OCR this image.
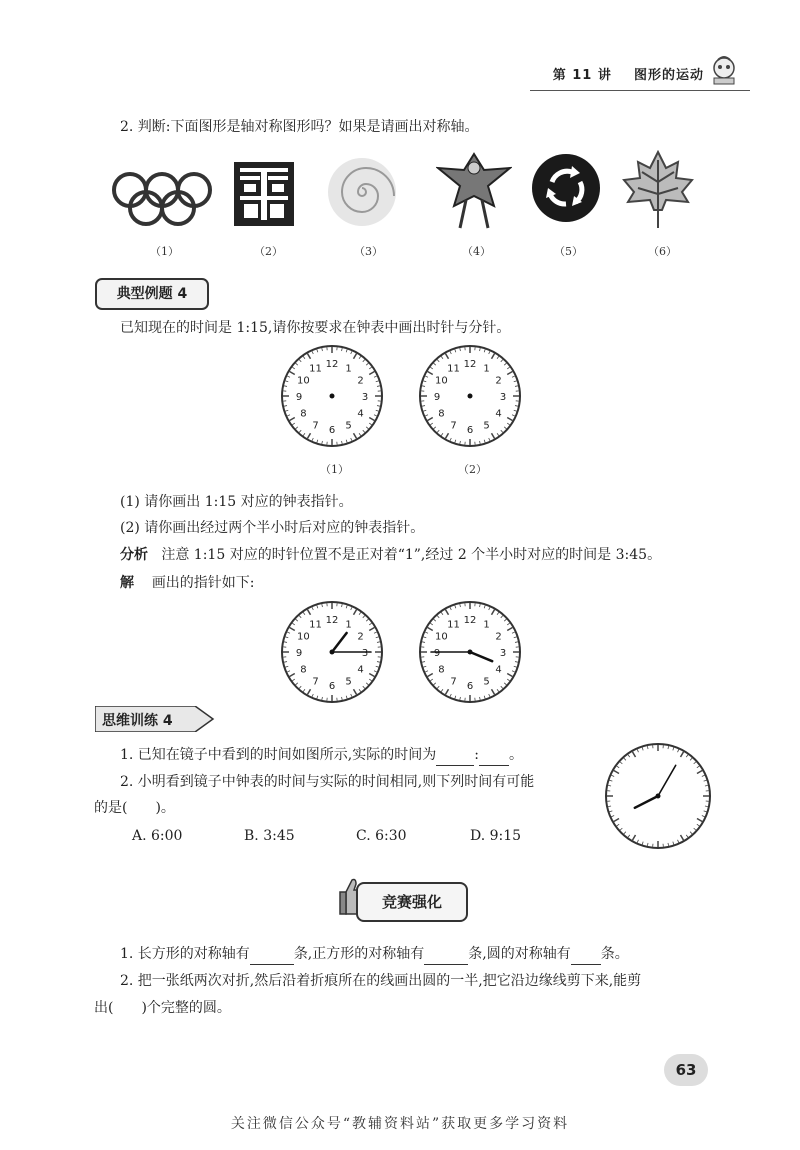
第 11 讲 图形的运动
2. 判断:下面图形是轴对称图形吗？如果是请画出对称轴。
（1）	（2）	（3）	（4）	（5）	（6）
典型例题 4
已知现在的时间是 1:15,请你按要求在钟表中画出时针与分针。
12 1
2
3
4
5
6
7
8
9
10
11	12 1
2
3
4
5
6
7
8
9
10
11
（1）	（2）
(1) 请你画出 1:15 对应的钟表指针。
(2) 请你画出经过两个半小时后对应的钟表指针。
分析 注意 1:15 对应的时针位置不是正对着“1”,经过 2 个半小时对应的时间是 3:45。
解 画出的指针如下:
12 1
2
3
4
5
6
7
8
9
10
11	12 1
2
3
4
5
6
7
8
9
10
11
思维训练 4
1. 已知在镜子中看到的时间如图所示,实际的时间为	: 。
2. 小明看到镜子中钟表的时间与实际的时间相同,则下列时间有可能
的是(　　)。
A. 6:00	B. 3:45	C. 6:30	D. 9:15
竞赛强化
1. 长方形的对称轴有	条,正方形的对称轴有	条,圆的对称轴有 条。
2. 把一张纸两次对折,然后沿着折痕所在的线画出圆的一半,把它沿边缘线剪下来,能剪
出(　　)个完整的圆。
63
关注微信公众号“教辅资料站”获取更多学习资料
